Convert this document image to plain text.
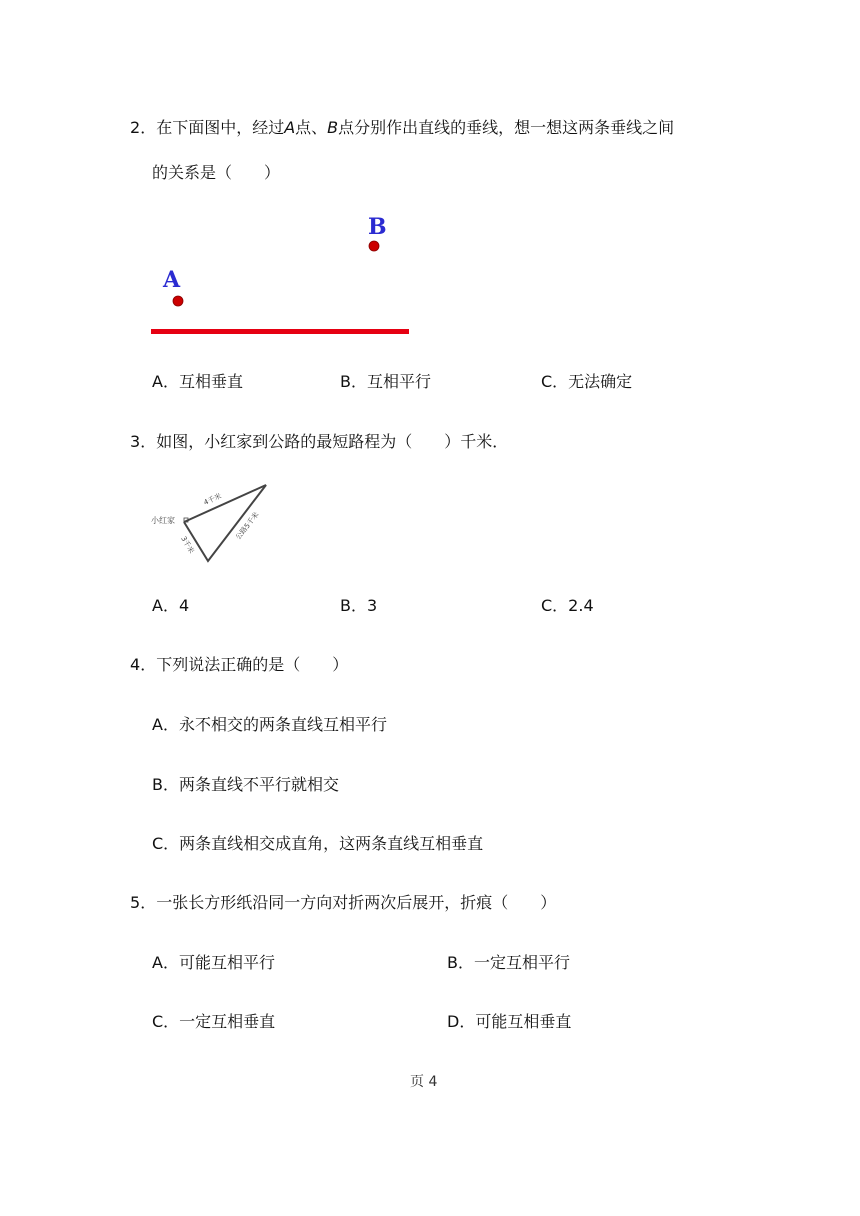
2．在下面图中，经过A点、B点分别作出直线的垂线，想一想这两条垂线之间
的关系是（　　）
A
B
A．互相垂直	B．互相平行	C．无法确定
3．如图，小红家到公路的最短路程为（　　）千米．
小红家
4千米
3千米
公路5千米
A．4	B．3	C．2.4
4．下列说法正确的是（　　）
A．永不相交的两条直线互相平行
B．两条直线不平行就相交
C．两条直线相交成直角，这两条直线互相垂直
5．一张长方形纸沿同一方向对折两次后展开，折痕（　　）
A．可能互相平行	B．一定互相平行
C．一定互相垂直	D．可能互相垂直
页 4
